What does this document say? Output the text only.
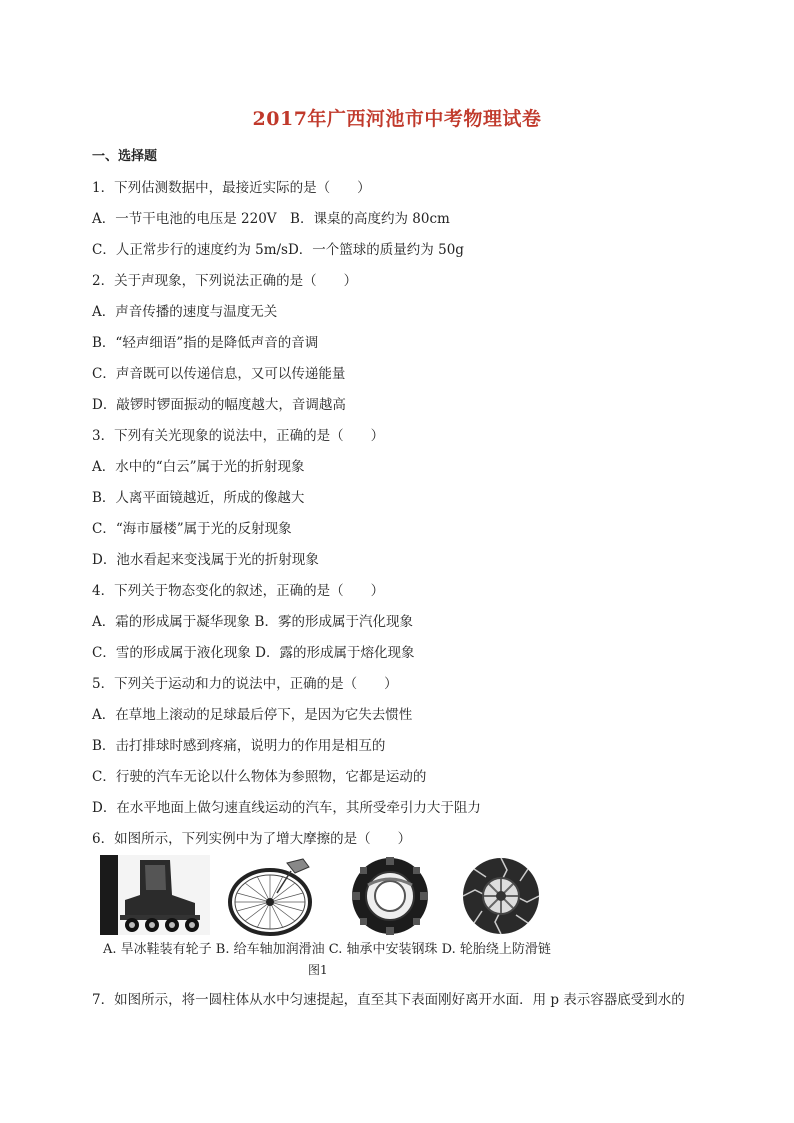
2017年广西河池市中考物理试卷
一、选择题
1．下列估测数据中，最接近实际的是（　　）
A．一节干电池的电压是 220V　B．课桌的高度约为 80cm
C．人正常步行的速度约为 5m/sD．一个篮球的质量约为 50g
2．关于声现象，下列说法正确的是（　　）
A．声音传播的速度与温度无关
B．“轻声细语”指的是降低声音的音调
C．声音既可以传递信息，又可以传递能量
D．敲锣时锣面振动的幅度越大，音调越高
3．下列有关光现象的说法中，正确的是（　　）
A．水中的“白云”属于光的折射现象
B．人离平面镜越近，所成的像越大
C．“海市蜃楼”属于光的反射现象
D．池水看起来变浅属于光的折射现象
4．下列关于物态变化的叙述，正确的是（　　）
A．霜的形成属于凝华现象 B．雾的形成属于汽化现象
C．雪的形成属于液化现象 D．露的形成属于熔化现象
5．下列关于运动和力的说法中，正确的是（　　）
A．在草地上滚动的足球最后停下，是因为它失去惯性
B．击打排球时感到疼痛，说明力的作用是相互的
C．行驶的汽车无论以什么物体为参照物，它都是运动的
D．在水平地面上做匀速直线运动的汽车，其所受牵引力大于阻力
6．如图所示，下列实例中为了增大摩擦的是（　　）
A. 旱冰鞋装有轮子 B. 给车轴加润滑油 C. 轴承中安装钢珠 D. 轮胎绕上防滑链
图1
7．如图所示，将一圆柱体从水中匀速提起，直至其下表面刚好离开水面．用 p 表示容器底受到水的
